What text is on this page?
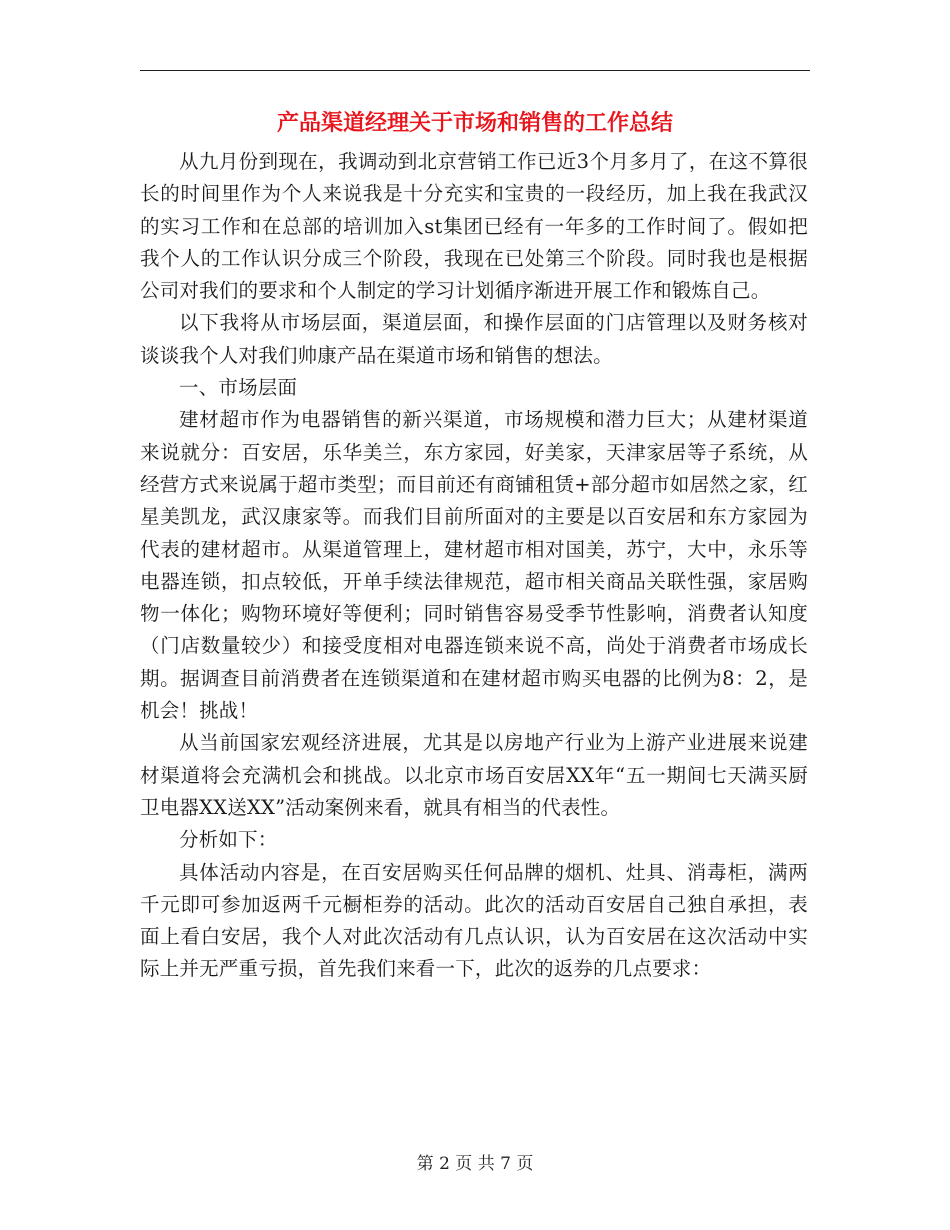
产品渠道经理关于市场和销售的工作总结

从九月份到现在，我调动到北京营销工作已近3个月多月了，在这不算很长的时间里作为个人来说我是十分充实和宝贵的一段经历，加上我在我武汉的实习工作和在总部的培训加入st集团已经有一年多的工作时间了。假如把我个人的工作认识分成三个阶段，我现在已处第三个阶段。同时我也是根据公司对我们的要求和个人制定的学习计划循序渐进开展工作和锻炼自己。

以下我将从市场层面，渠道层面，和操作层面的门店管理以及财务核对谈谈我个人对我们帅康产品在渠道市场和销售的想法。

一、市场层面

建材超市作为电器销售的新兴渠道，市场规模和潜力巨大；从建材渠道来说就分：百安居，乐华美兰，东方家园，好美家，天津家居等子系统，从经营方式来说属于超市类型；而目前还有商铺租赁+部分超市如居然之家，红星美凯龙，武汉康家等。而我们目前所面对的主要是以百安居和东方家园为代表的建材超市。从渠道管理上，建材超市相对国美，苏宁，大中，永乐等电器连锁，扣点较低，开单手续法律规范，超市相关商品关联性强，家居购物一体化；购物环境好等便利；同时销售容易受季节性影响，消费者认知度（门店数量较少）和接受度相对电器连锁来说不高，尚处于消费者市场成长期。据调查目前消费者在连锁渠道和在建材超市购买电器的比例为8：2，是机会！挑战！

从当前国家宏观经济进展，尤其是以房地产行业为上游产业进展来说建材渠道将会充满机会和挑战。以北京市场百安居XX年“五一期间七天满买厨卫电器XX送XX”活动案例来看，就具有相当的代表性。

分析如下：

具体活动内容是，在百安居购买任何品牌的烟机、灶具、消毒柜，满两千元即可参加返两千元橱柜券的活动。此次的活动百安居自己独自承担，表面上看白安居，我个人对此次活动有几点认识，认为百安居在这次活动中实际上并无严重亏损，首先我们来看一下，此次的返券的几点要求：

第 2 页 共 7 页
